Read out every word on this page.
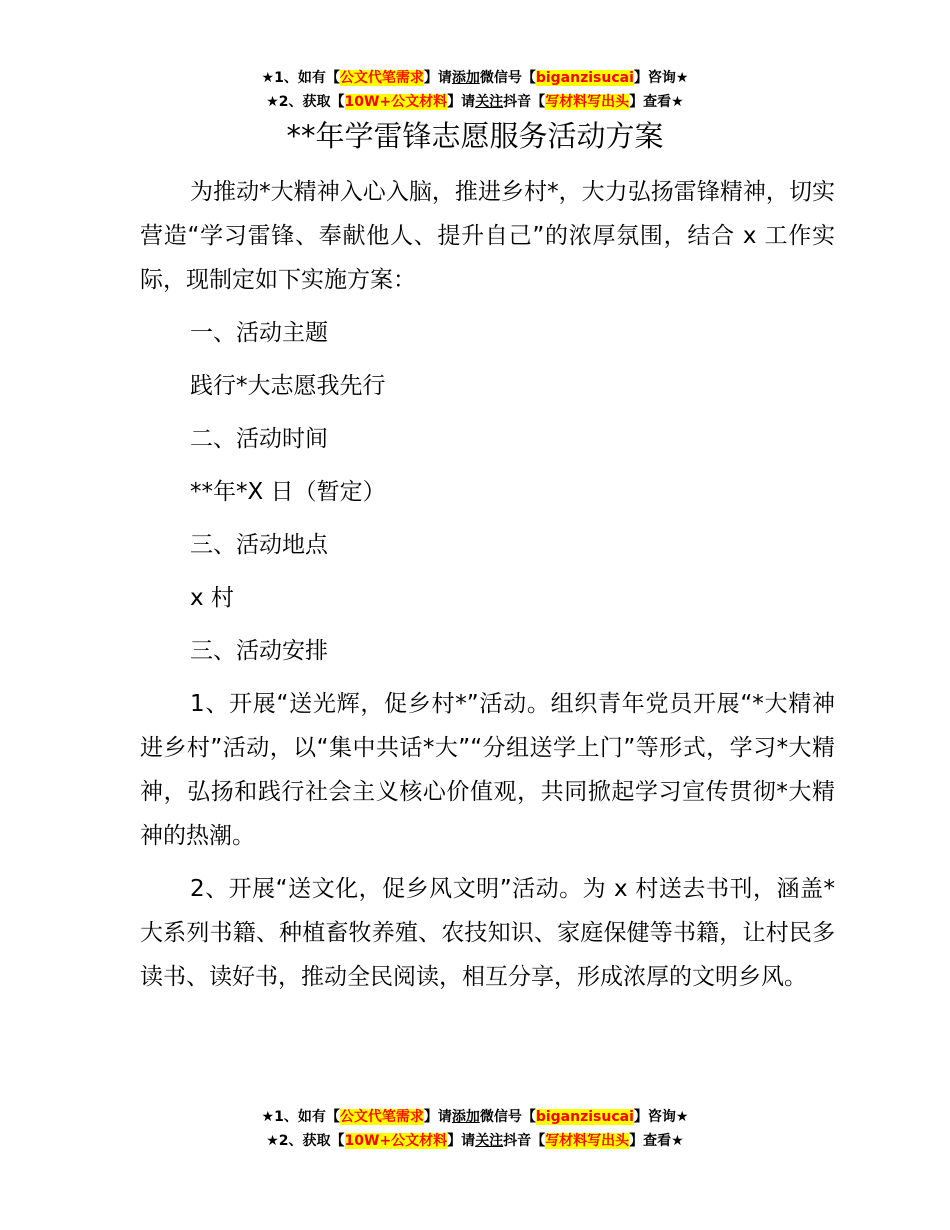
★1、如有【公文代笔需求】请添加微信号【biganzisucai】咨询★
★2、获取【10W+公文材料】请关注抖音【写材料写出头】查看★
**年学雷锋志愿服务活动方案

为推动*大精神入心入脑，推进乡村*，大力弘扬雷锋精神，切实营造“学习雷锋、奉献他人、提升自己”的浓厚氛围，结合 x 工作实际，现制定如下实施方案：

一、活动主题

践行*大志愿我先行

二、活动时间

**年*X 日（暂定）

三、活动地点

x 村

三、活动安排

1、开展“送光辉，促乡村*”活动。组织青年党员开展“*大精神进乡村”活动，以“集中共话*大”“分组送学上门”等形式，学习*大精神，弘扬和践行社会主义核心价值观，共同掀起学习宣传贯彻*大精神的热潮。

2、开展“送文化，促乡风文明”活动。为 x 村送去书刊，涵盖*大系列书籍、种植畜牧养殖、农技知识、家庭保健等书籍，让村民多读书、读好书，推动全民阅读，相互分享，形成浓厚的文明乡风。

★1、如有【公文代笔需求】请添加微信号【biganzisucai】咨询★
★2、获取【10W+公文材料】请关注抖音【写材料写出头】查看★
